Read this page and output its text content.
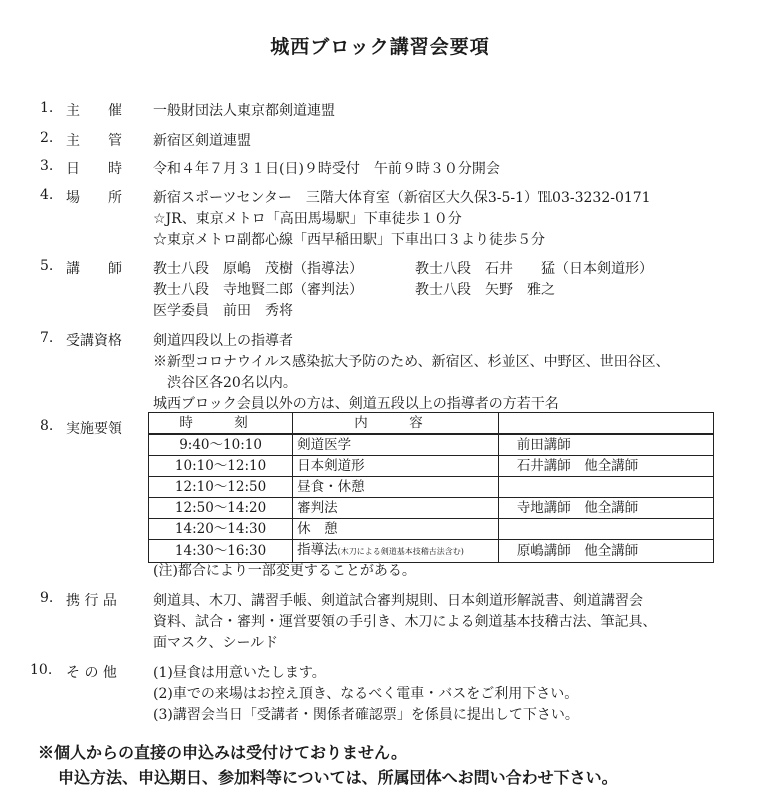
城西ブロック講習会要項
1. 主　　催 一般財団法人東京都剣道連盟
2. 主　　管 新宿区剣道連盟
3. 日　　時 令和４年７月３１日(日)９時受付　午前９時３０分開会
4. 場　　所 新宿スポーツセンター　三階大体育室（新宿区大久保3-5-1）℡03-3232-0171
☆JR、東京メトロ「高田馬場駅」下車徒歩１０分
☆東京メトロ副都心線「西早稲田駅」下車出口３より徒歩５分
5. 講　　師 教士八段　原嶋　茂樹（指導法）	教士八段　石井　　猛（日本剣道形）
教士八段　寺地賢二郎（審判法）	教士八段　矢野　雅之
医学委員　前田　秀将
7. 受講資格 剣道四段以上の指導者
※新型コロナウイルス感染拡大予防のため、新宿区、杉並区、中野区、世田谷区、
　渋谷区各20名以内。
城西ブロック会員以外の方は、剣道五段以上の指導者の方若干名
8. 実施要領	時　刻	内　容	
9:40〜10:10	剣道医学	前田講師
10:10〜12:10	日本剣道形	石井講師　他全講師
12:10〜12:50	昼食・休憩	
12:50〜14:20	審判法	寺地講師　他全講師
14:20〜14:30	休　憩	
14:30〜16:30	指導法(木刀による剣道基本技稽古法含む)	原嶋講師　他全講師
(注)都合により一部変更することがある。
9. 携 行 品	剣道具、木刀、講習手帳、剣道試合審判規則、日本剣道形解説書、剣道講習会
資料、試合・審判・運営要領の手引き、木刀による剣道基本技稽古法、筆記具、
面マスク、シールド
10. そ の 他	(1)昼食は用意いたします。
(2)車での来場はお控え頂き、なるべく電車・バスをご利用下さい。
(3)講習会当日「受講者・関係者確認票」を係員に提出して下さい。
※個人からの直接の申込みは受付けておりません。
申込方法、申込期日、参加料等については、所属団体へお問い合わせ下さい。
